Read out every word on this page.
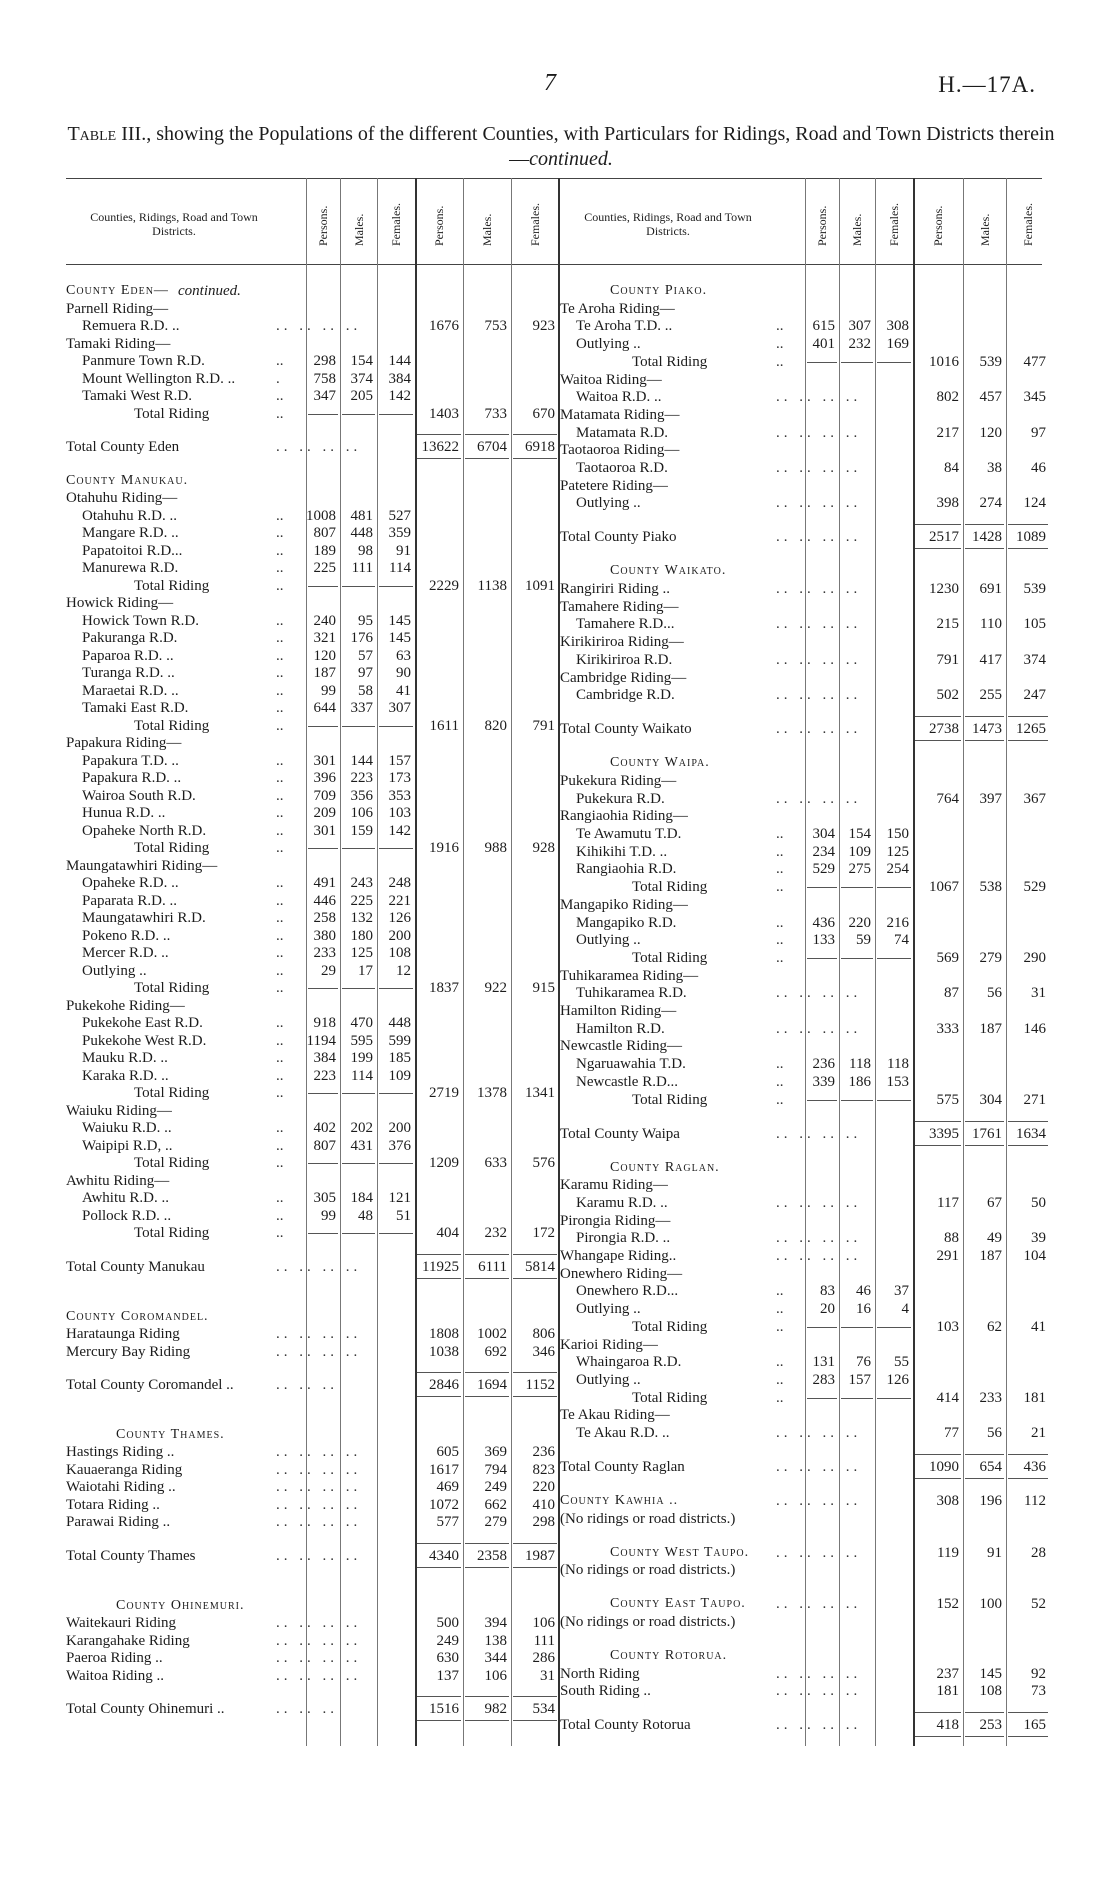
7	H.—17A.
Table III., showing the Populations of the different Counties, with Particulars for Ridings, Road and Town Districts therein—continued.
Counties, Ridings, Road and Town Districts.	Persons. Males. Females. Persons.	Males.	Females.	Counties, Ridings, Road and Town Districts.	Persons. Males. Females.	Persons.	Males. Females.
County Eden— continued.
Parnell Riding—
Remuera R.D. ..	.. .. .. ..	1676	753	923
Tamaki Riding—
Panmure Town R.D.	..	298 154	144
Mount Wellington R.D. ..	.	758 374	384
Tamaki West R.D.	..	347 205	142
Total Riding	..	1403	733	670
Total County Eden	.. .. .. ..	13622	6704	6918
County Manukau.
Otahuhu Riding—
Otahuhu R.D. ..	.. 1008 481	527
Mangare R.D. ..	..	807 448	359
Papatoitoi R.D...	..	189	98	91
Manurewa R.D.	..	225	111	114
Total Riding	..	2229	1138	1091
Howick Riding—
Howick Town R.D.	..	240	95	145
Pakuranga R.D.	..	321 176	145
Paparoa R.D. ..	..	120	57	63
Turanga R.D. ..	..	187	97	90
Maraetai R.D. ..	..	99	58	41
Tamaki East R.D.	..	644 337	307
Total Riding	..	1611	820	791
Papakura Riding—
Papakura T.D. ..	..	301 144	157
Papakura R.D. ..	..	396 223	173
Wairoa South R.D.	..	709 356	353
Hunua R.D. ..	..	209 106	103
Opaheke North R.D.	..	301 159	142
Total Riding	..	1916	988	928
Maungatawhiri Riding—
Opaheke R.D. ..	..	491 243	248
Paparata R.D. ..	..	446 225	221
Maungatawhiri R.D.	..	258 132	126
Pokeno R.D. ..	..	380 180	200
Mercer R.D. ..	..	233 125	108
Outlying ..	..	29	17	12
Total Riding	..	1837	922	915
Pukekohe Riding—
Pukekohe East R.D.	..	918 470	448
Pukekohe West R.D.	.. 1194 595	599
Mauku R.D. ..	..	384 199	185
Karaka R.D. ..	..	223	114	109
Total Riding	..	2719	1378	1341
Waiuku Riding—
Waiuku R.D. ..	..	402 202	200
Waipipi R.D, ..	..	807 431	376
Total Riding	..	1209	633	576
Awhitu Riding—
Awhitu R.D. ..	..	305 184	121
Pollock R.D. ..	..	99	48	51
Total Riding	..	404	232	172
Total County Manukau	.. .. .. ..	11925	6111	5814
County Coromandel.
Harataunga Riding	.. .. .. ..	1808	1002	806
Mercury Bay Riding	.. .. .. ..	1038	692	346
Total County Coromandel ..	.. .. ..	2846	1694	1152
County Thames.
Hastings Riding ..	.. .. .. ..	605	369	236
Kauaeranga Riding	.. .. .. ..	1617	794	823
Waiotahi Riding ..	.. .. .. ..	469	249	220
Totara Riding ..	.. .. .. ..	1072	662	410
Parawai Riding ..	.. .. .. ..	577	279	298
Total County Thames	.. .. .. ..	4340	2358	1987
County Ohinemuri.
Waitekauri Riding	.. .. .. ..	500	394	106
Karangahake Riding	.. .. .. ..	249	138	111
Paeroa Riding ..	.. .. .. ..	630	344	286
Waitoa Riding ..	.. .. .. ..	137	106	31
Total County Ohinemuri ..	.. .. ..	1516	982	534
County Piako.
Te Aroha Riding—
Te Aroha T.D. ..	..	615 307	308
Outlying ..	..	401 232	169
Total Riding	..	1016	539	477
Waitoa Riding—
Waitoa R.D. ..	.. .. .. ..	802	457	345
Matamata Riding—
Matamata R.D.	.. .. .. ..	217	120	97
Taotaoroa Riding—
Taotaoroa R.D.	.. .. .. ..	84	38	46
Patetere Riding—
Outlying ..	.. .. .. ..	398	274	124
Total County Piako	.. .. .. ..	2517 1428 1089
County Waikato.
Rangiriri Riding ..	.. .. .. ..	1230	691	539
Tamahere Riding—
Tamahere R.D...	.. .. .. ..	215	110	105
Kirikiriroa Riding—
Kirikiriroa R.D.	.. .. .. ..	791	417	374
Cambridge Riding—
Cambridge R.D.	.. .. .. ..	502	255	247
Total County Waikato	.. .. .. ..	2738 1473 1265
County Waipa.
Pukekura Riding—
Pukekura R.D.	.. .. .. ..	764	397	367
Rangiaohia Riding—
Te Awamutu T.D.	..	304 154	150
Kihikihi T.D. ..	..	234 109	125
Rangiaohia R.D.	..	529 275	254
Total Riding	..	1067	538	529
Mangapiko Riding—
Mangapiko R.D.	..	436 220	216
Outlying ..	..	133	59	74
Total Riding	..	569	279	290
Tuhikaramea Riding—
Tuhikaramea R.D.	.. .. .. ..	87	56	31
Hamilton Riding—
Hamilton R.D.	.. .. .. ..	333	187	146
Newcastle Riding—
Ngaruawahia T.D.	..	236 118	118
Newcastle R.D...	..	339 186	153
Total Riding	..	575	304	271
Total County Waipa	.. .. .. ..	3395 1761 1634
County Raglan.
Karamu Riding—
Karamu R.D. ..	.. .. .. ..	117	67	50
Pirongia Riding—
Pirongia R.D. ..	.. .. .. ..	88	49	39
Whangape Riding..	.. .. .. ..	291	187	104
Onewhero Riding—
Onewhero R.D...	..	83	46	37
Outlying ..	..	20	16	4
Total Riding	..	103	62	41
Karioi Riding—
Whaingaroa R.D.	..	131	76	55
Outlying ..	..	283 157	126
Total Riding	..	414	233	181
Te Akau Riding—
Te Akau R.D. ..	.. .. .. ..	77	56	21
Total County Raglan	.. .. .. ..	1090	654	436
County Kawhia ..	.. .. .. ..	308	196	112
(No ridings or road districts.)
County West Taupo. .. .. .. ..	119	91	28
(No ridings or road districts.)
County East Taupo. .. .. .. ..	152	100	52
(No ridings or road districts.)
County Rotorua.
North Riding	.. .. .. ..	237	145	92
South Riding ..	.. .. .. ..	181	108	73
Total County Rotorua	.. .. .. ..	418	253	165
